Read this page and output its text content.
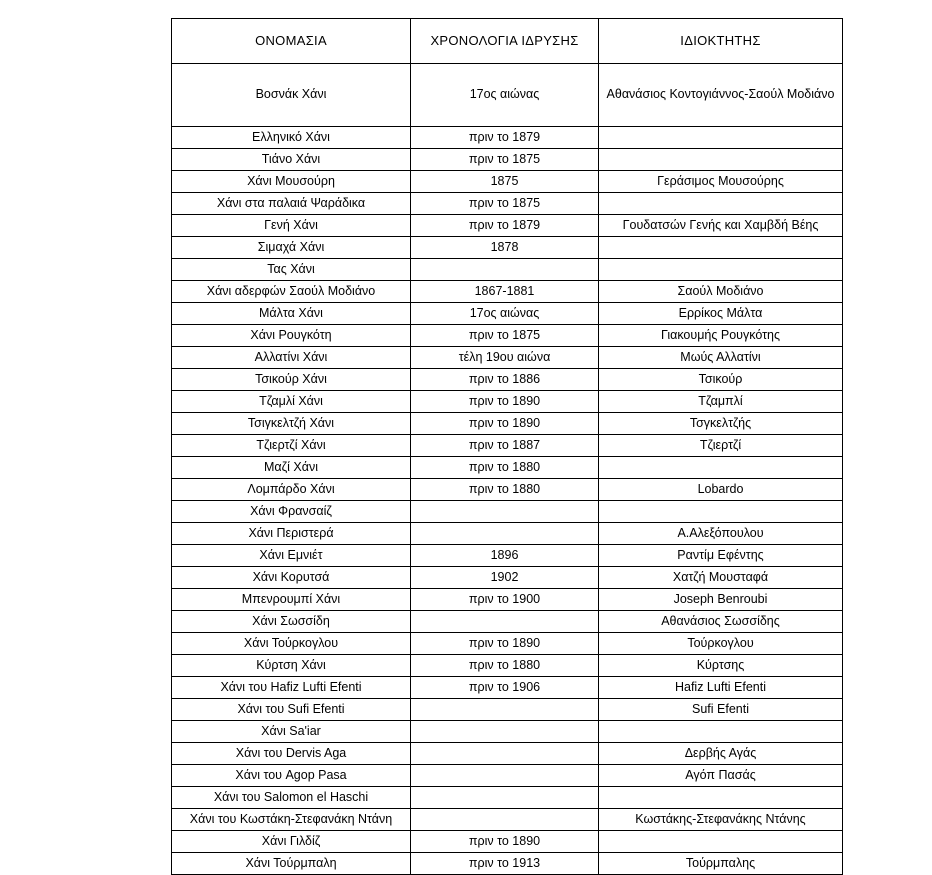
ΟΝΟΜΑΣΙΑ	ΧΡΟΝΟΛΟΓΙΑ ΙΔΡΥΣΗΣ	ΙΔΙΟΚΤΗΤΗΣ
Βοσνάκ Χάνι	17ος αιώνας	Αθανάσιος Κοντογιάννος-Σαούλ Μοδιάνο
Ελληνικό Χάνι	πριν το 1879	
Τιάνο Χάνι	πριν το 1875	
Χάνι Μουσούρη	1875	Γεράσιμος Μουσούρης
Χάνι στα παλαιά Ψαράδικα	πριν το 1875	
Γενή Χάνι	πριν το 1879	Γουδατσών Γενής και Χαμβδή Βέης
Σιμαχά Χάνι	1878	
Τας Χάνι		
Χάνι αδερφών Σαούλ Μοδιάνο	1867-1881	Σαούλ Μοδιάνο
Μάλτα Χάνι	17ος αιώνας	Ερρίκος Μάλτα
Χάνι Ρουγκότη	πριν το 1875	Γιακουμής Ρουγκότης
Αλλατίνι Χάνι	τέλη 19ου αιώνα	Μωύς Αλλατίνι
Τσικούρ Χάνι	πριν το 1886	Τσικούρ
Τζαμλί Χάνι	πριν το 1890	Τζαμπλί
Τσιγκελτζή Χάνι	πριν το 1890	Τσγκελτζής
Τζιερτζί Χάνι	πριν το 1887	Τζιερτζί
Μαζί Χάνι	πριν το 1880	
Λομπάρδο Χάνι	πριν το 1880	Lobardo
Χάνι Φρανσαίζ		
Χάνι Περιστερά		Α.Αλεξόπουλου
Χάνι Εμνιέτ	1896	Ραντίμ Εφέντης
Χάνι Κορυτσά	1902	Χατζή Μουσταφά
Μπενρουμπί Χάνι	πριν το 1900	Joseph Benroubi
Χάνι Σωσσίδη		Αθανάσιος Σωσσίδης
Χάνι Τούρκογλου	πριν το 1890	Τούρκογλου
Κύρτση Χάνι	πριν το 1880	Κύρτσης
Χάνι του Hafiz Lufti Efenti	πριν το 1906	Hafiz Lufti Efenti
Χάνι του Sufi Efenti		Sufi Efenti
Χάνι Sa'iar		
Χάνι του Dervis Aga		Δερβής Αγάς
Χάνι του Agop Pasa		Αγόπ Πασάς
Χάνι του Salomon el Haschi		
Χάνι του Κωστάκη-Στεφανάκη Ντάνη		Κωστάκης-Στεφανάκης Ντάνης
Χάνι Γιλδίζ	πριν το 1890	
Χάνι Τούρμπαλη	πριν το 1913	Τούρμπαλης
